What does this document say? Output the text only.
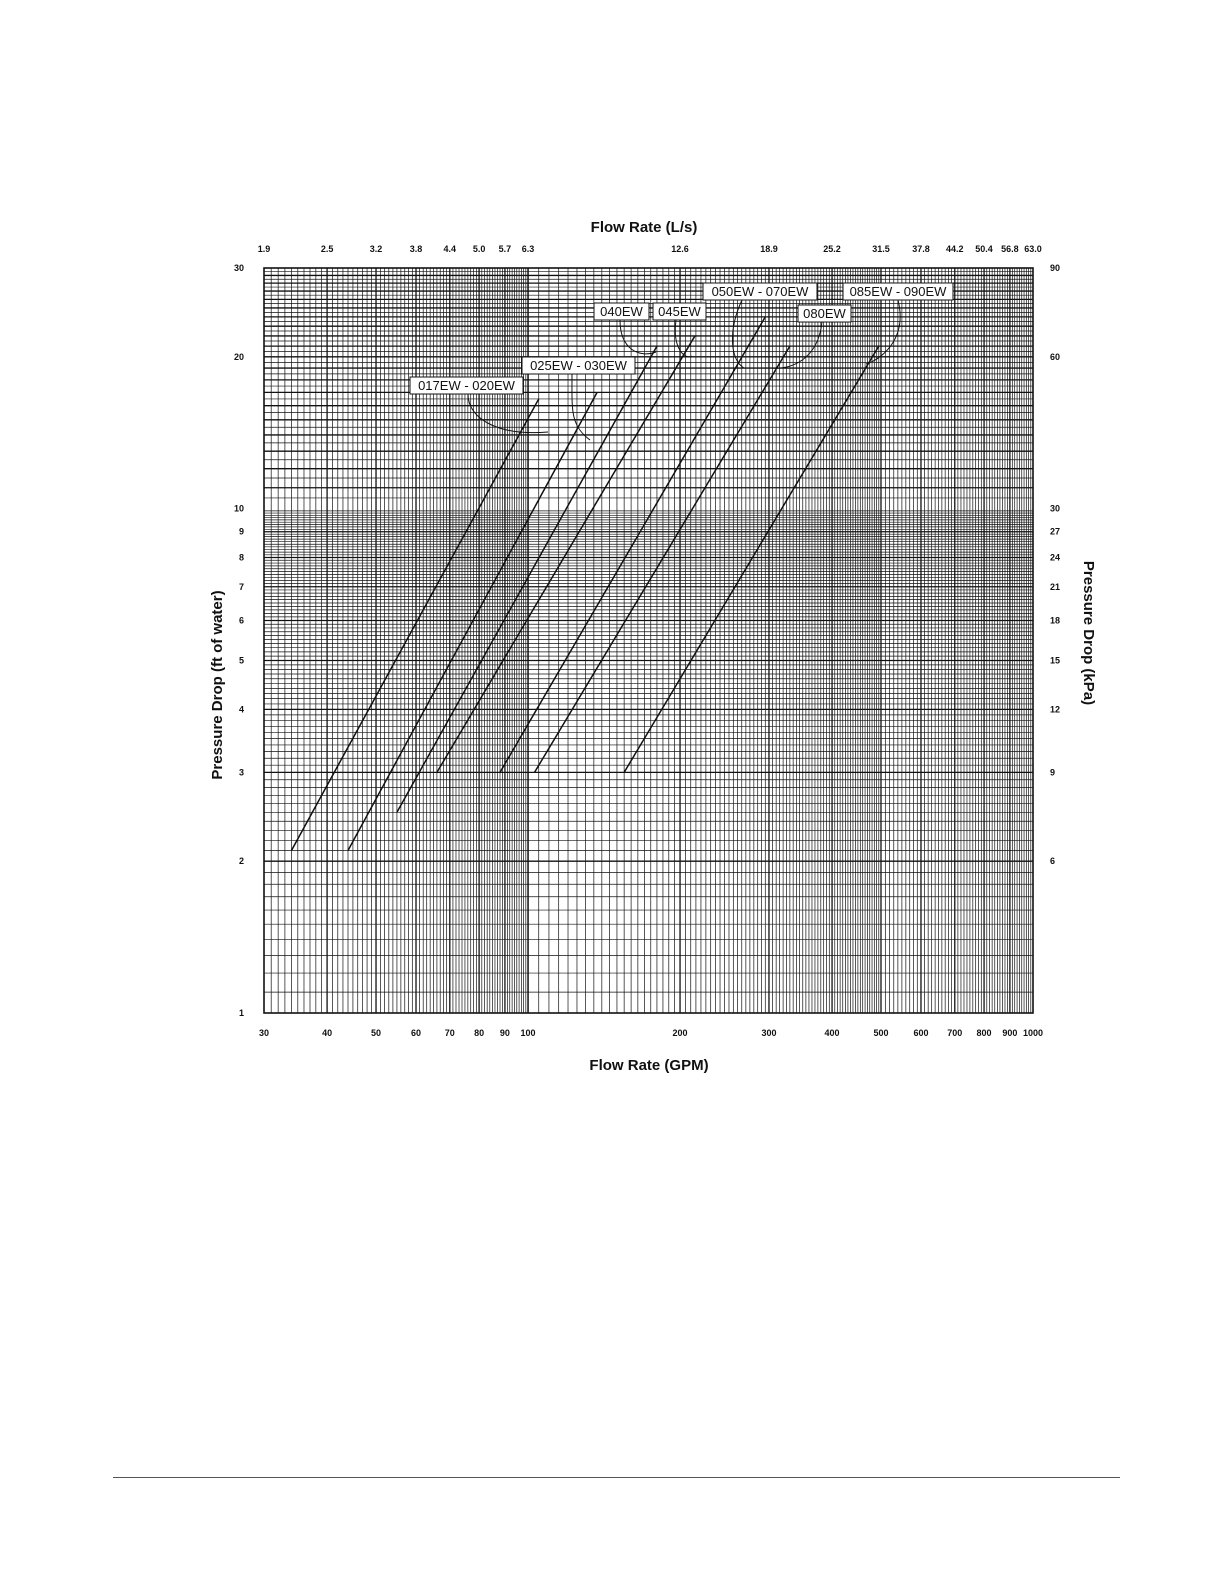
017EW - 020EW
025EW - 030EW
040EW 045EW
050EW - 070EW
080EW
085EW - 090EW
30	40	50	60	70 80 90 100	200	300	400	500	600 700 800 900 1000
1.9	2.5	3.2	3.8 4.4 5.0 5.7 6.3	12.6	18.9	25.2	31.5 37.8 44.2 50.4 56.8 63.0
1
2
3
4
5
6
7
8
9
10
20
30
6
9
12
15
18
21
24
27
30
60
90
Flow Rate (L/s)
Flow Rate (GPM)
Pressure Drop (ft of water)	Pressure Drop (kPa)
